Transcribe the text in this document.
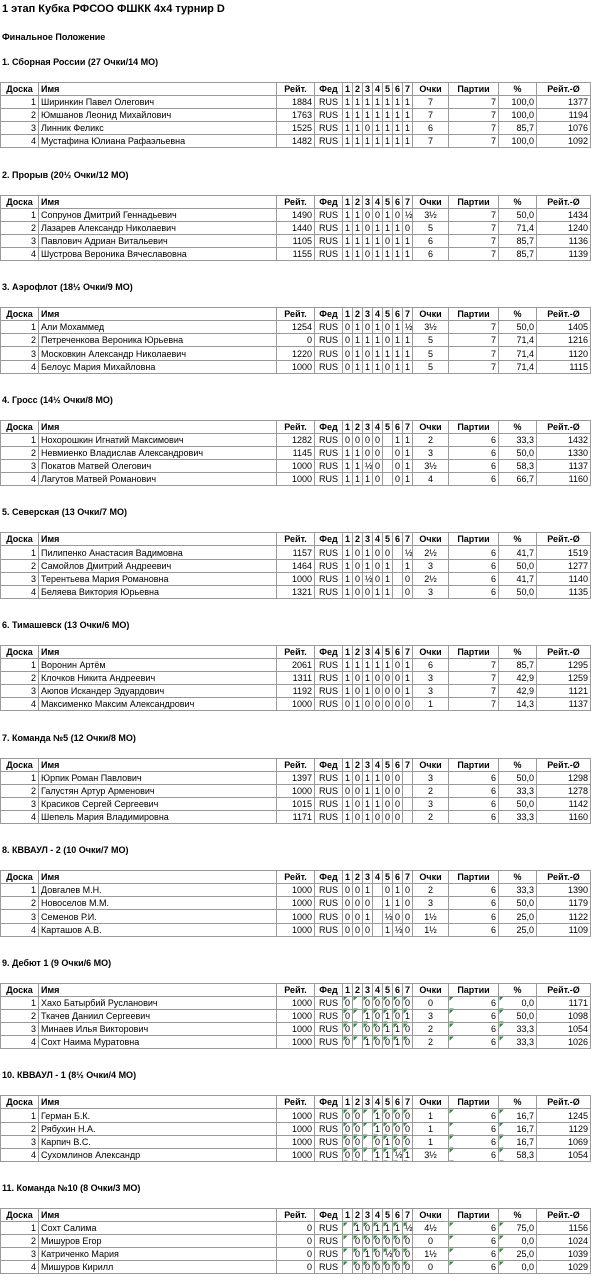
1 этап Кубка РФСОО ФШКК 4х4 турнир D
Финальное Положение
1. Сборная России (27 Очки/14 МО)
Доска	Имя	Рейт.	Фед	1	2	3	4	5	6	7	Очки	Партии	%	Рейт.-Ø
1	Ширинкин Павел Олегович	1884	RUS	1	1	1	1	1	1	1	7	7	100,0	1377
2	Юмшанов Леонид Михайлович	1763	RUS	1	1	1	1	1	1	1	7	7	100,0	1194
3	Линник Феликс	1525	RUS	1	1	0	1	1	1	1	6	7	85,7	1076
4	Мустафина Юлиана Рафаэльевна	1482	RUS	1	1	1	1	1	1	1	7	7	100,0	1092
2. Прорыв (20½ Очки/12 МО)
Доска	Имя	Рейт.	Фед	1	2	3	4	5	6	7	Очки	Партии	%	Рейт.-Ø
1	Сопрунов Дмитрий Геннадьевич	1490	RUS	1	1	0	0	1	0	½	3½	7	50,0	1434
2	Лазарев Александр Николаевич	1440	RUS	1	1	0	1	1	1	0	5	7	71,4	1240
3	Павлович Адриан Витальевич	1105	RUS	1	1	1	1	0	1	1	6	7	85,7	1136
4	Шустрова Вероника Вячеславовна	1155	RUS	1	1	0	1	1	1	1	6	7	85,7	1139
3. Аэрофлот (18½ Очки/9 МО)
Доска	Имя	Рейт.	Фед	1	2	3	4	5	6	7	Очки	Партии	%	Рейт.-Ø
1	Али Мохаммед	1254	RUS	0	1	0	1	0	1	½	3½	7	50,0	1405
2	Петреченкова Вероника Юрьевна	0	RUS	0	1	1	1	0	1	1	5	7	71,4	1216
3	Московкин Александр Николаевич	1220	RUS	0	1	0	1	1	1	1	5	7	71,4	1120
4	Белоус Мария Михайловна	1000	RUS	0	1	1	1	0	1	1	5	7	71,4	1115
4. Гросс (14½ Очки/8 МО)
Доска	Имя	Рейт.	Фед	1	2	3	4	5	6	7	Очки	Партии	%	Рейт.-Ø
1	Нохорошкин Игнатий Максимович	1282	RUS	0	0	0	0		1	1	2	6	33,3	1432
2	Невмиенко Владислав Александрович	1145	RUS	1	1	0	0		0	1	3	6	50,0	1330
3	Покатов Матвей Олегович	1000	RUS	1	1	½	0		0	1	3½	6	58,3	1137
4	Лагутов Матвей Романович	1000	RUS	1	1	1	0		0	1	4	6	66,7	1160
5. Северская (13 Очки/7 МО)
Доска	Имя	Рейт.	Фед	1	2	3	4	5	6	7	Очки	Партии	%	Рейт.-Ø
1	Пилипенко Анастасия Вадимовна	1157	RUS	1	0	1	0	0		½	2½	6	41,7	1519
2	Самойлов Дмитрий Андреевич	1464	RUS	1	0	1	0	1		1	3	6	50,0	1277
3	Терентьева Мария Романовна	1000	RUS	1	0	½	0	1		0	2½	6	41,7	1140
4	Беляева Виктория Юрьевна	1321	RUS	1	0	0	1	1		0	3	6	50,0	1135
6. Тимашевск (13 Очки/6 МО)
Доска	Имя	Рейт.	Фед	1	2	3	4	5	6	7	Очки	Партии	%	Рейт.-Ø
1	Воронин Артём	2061	RUS	1	1	1	1	1	0	1	6	7	85,7	1295
2	Клочков Никита Андреевич	1311	RUS	1	0	1	0	0	0	1	3	7	42,9	1259
3	Аюпов Искандер Эдуардович	1192	RUS	1	0	1	0	0	0	1	3	7	42,9	1121
4	Максименко Максим Александрович	1000	RUS	0	1	0	0	0	0	0	1	7	14,3	1137
7. Команда №5 (12 Очки/8 МО)
Доска	Имя	Рейт.	Фед	1	2	3	4	5	6	7	Очки	Партии	%	Рейт.-Ø
1	Юрпик Роман Павлович	1397	RUS	1	0	1	1	0	0		3	6	50,0	1298
2	Галустян Артур Арменович	1000	RUS	0	0	1	1	0	0		2	6	33,3	1278
3	Красиков Сергей Сергеевич	1015	RUS	1	0	1	1	0	0		3	6	50,0	1142
4	Шепель Мария Владимировна	1171	RUS	1	0	1	0	0	0		2	6	33,3	1160
8. КВВАУЛ - 2 (10 Очки/7 МО)
Доска	Имя	Рейт.	Фед	1	2	3	4	5	6	7	Очки	Партии	%	Рейт.-Ø
1	Довгалев М.Н.	1000	RUS	0	0	1		0	1	0	2	6	33,3	1390
2	Новоселов М.М.	1000	RUS	0	0	0		1	1	0	3	6	50,0	1179
3	Семенов Р.И.	1000	RUS	0	0	1		½	0	0	1½	6	25,0	1122
4	Карташов А.В.	1000	RUS	0	0	0		1	½	0	1½	6	25,0	1109
9. Дебют 1 (9 Очки/6 МО)
Доска	Имя	Рейт.	Фед	1	2	3	4	5	6	7	Очки	Партии	%	Рейт.-Ø
1	Хахо Батырбий Русланович	1000	RUS	0		0	0	0	0	0	0	6	0,0	1171
2	Ткачев Даниил Сергеевич	1000	RUS	0		1	0	1	0	1	3	6	50,0	1098
3	Минаев Илья Викторович	1000	RUS	0		0	0	1	1	0	2	6	33,3	1054
4	Сохт Наима Муратовна	1000	RUS	0		1	0	0	1	0	2	6	33,3	1026
10. КВВАУЛ - 1 (8½ Очки/4 МО)
Доска	Имя	Рейт.	Фед	1	2	3	4	5	6	7	Очки	Партии	%	Рейт.-Ø
1	Герман Б.К.	1000	RUS	0	0		1	0	0	0	1	6	16,7	1245
2	Рябухин Н.А.	1000	RUS	0	0		1	0	0	0	1	6	16,7	1129
3	Карпич В.С.	1000	RUS	0	0		0	1	0	0	1	6	16,7	1069
4	Сухомлинов Александр	1000	RUS	0	0		1	1	½	1	3½	6	58,3	1054
11. Команда №10 (8 Очки/3 МО)
Доска	Имя	Рейт.	Фед	1	2	3	4	5	6	7	Очки	Партии	%	Рейт.-Ø
1	Сохт Салима	0	RUS		1	0	1	1	1	½	4½	6	75,0	1156
2	Мишуров Егор	0	RUS		0	0	0	0	0	0	0	6	0,0	1024
3	Катриченко Мария	0	RUS		0	1	0	½	0	0	1½	6	25,0	1039
4	Мишуров Кирилл	0	RUS		0	0	0	0	0	0	0	6	0,0	1029
